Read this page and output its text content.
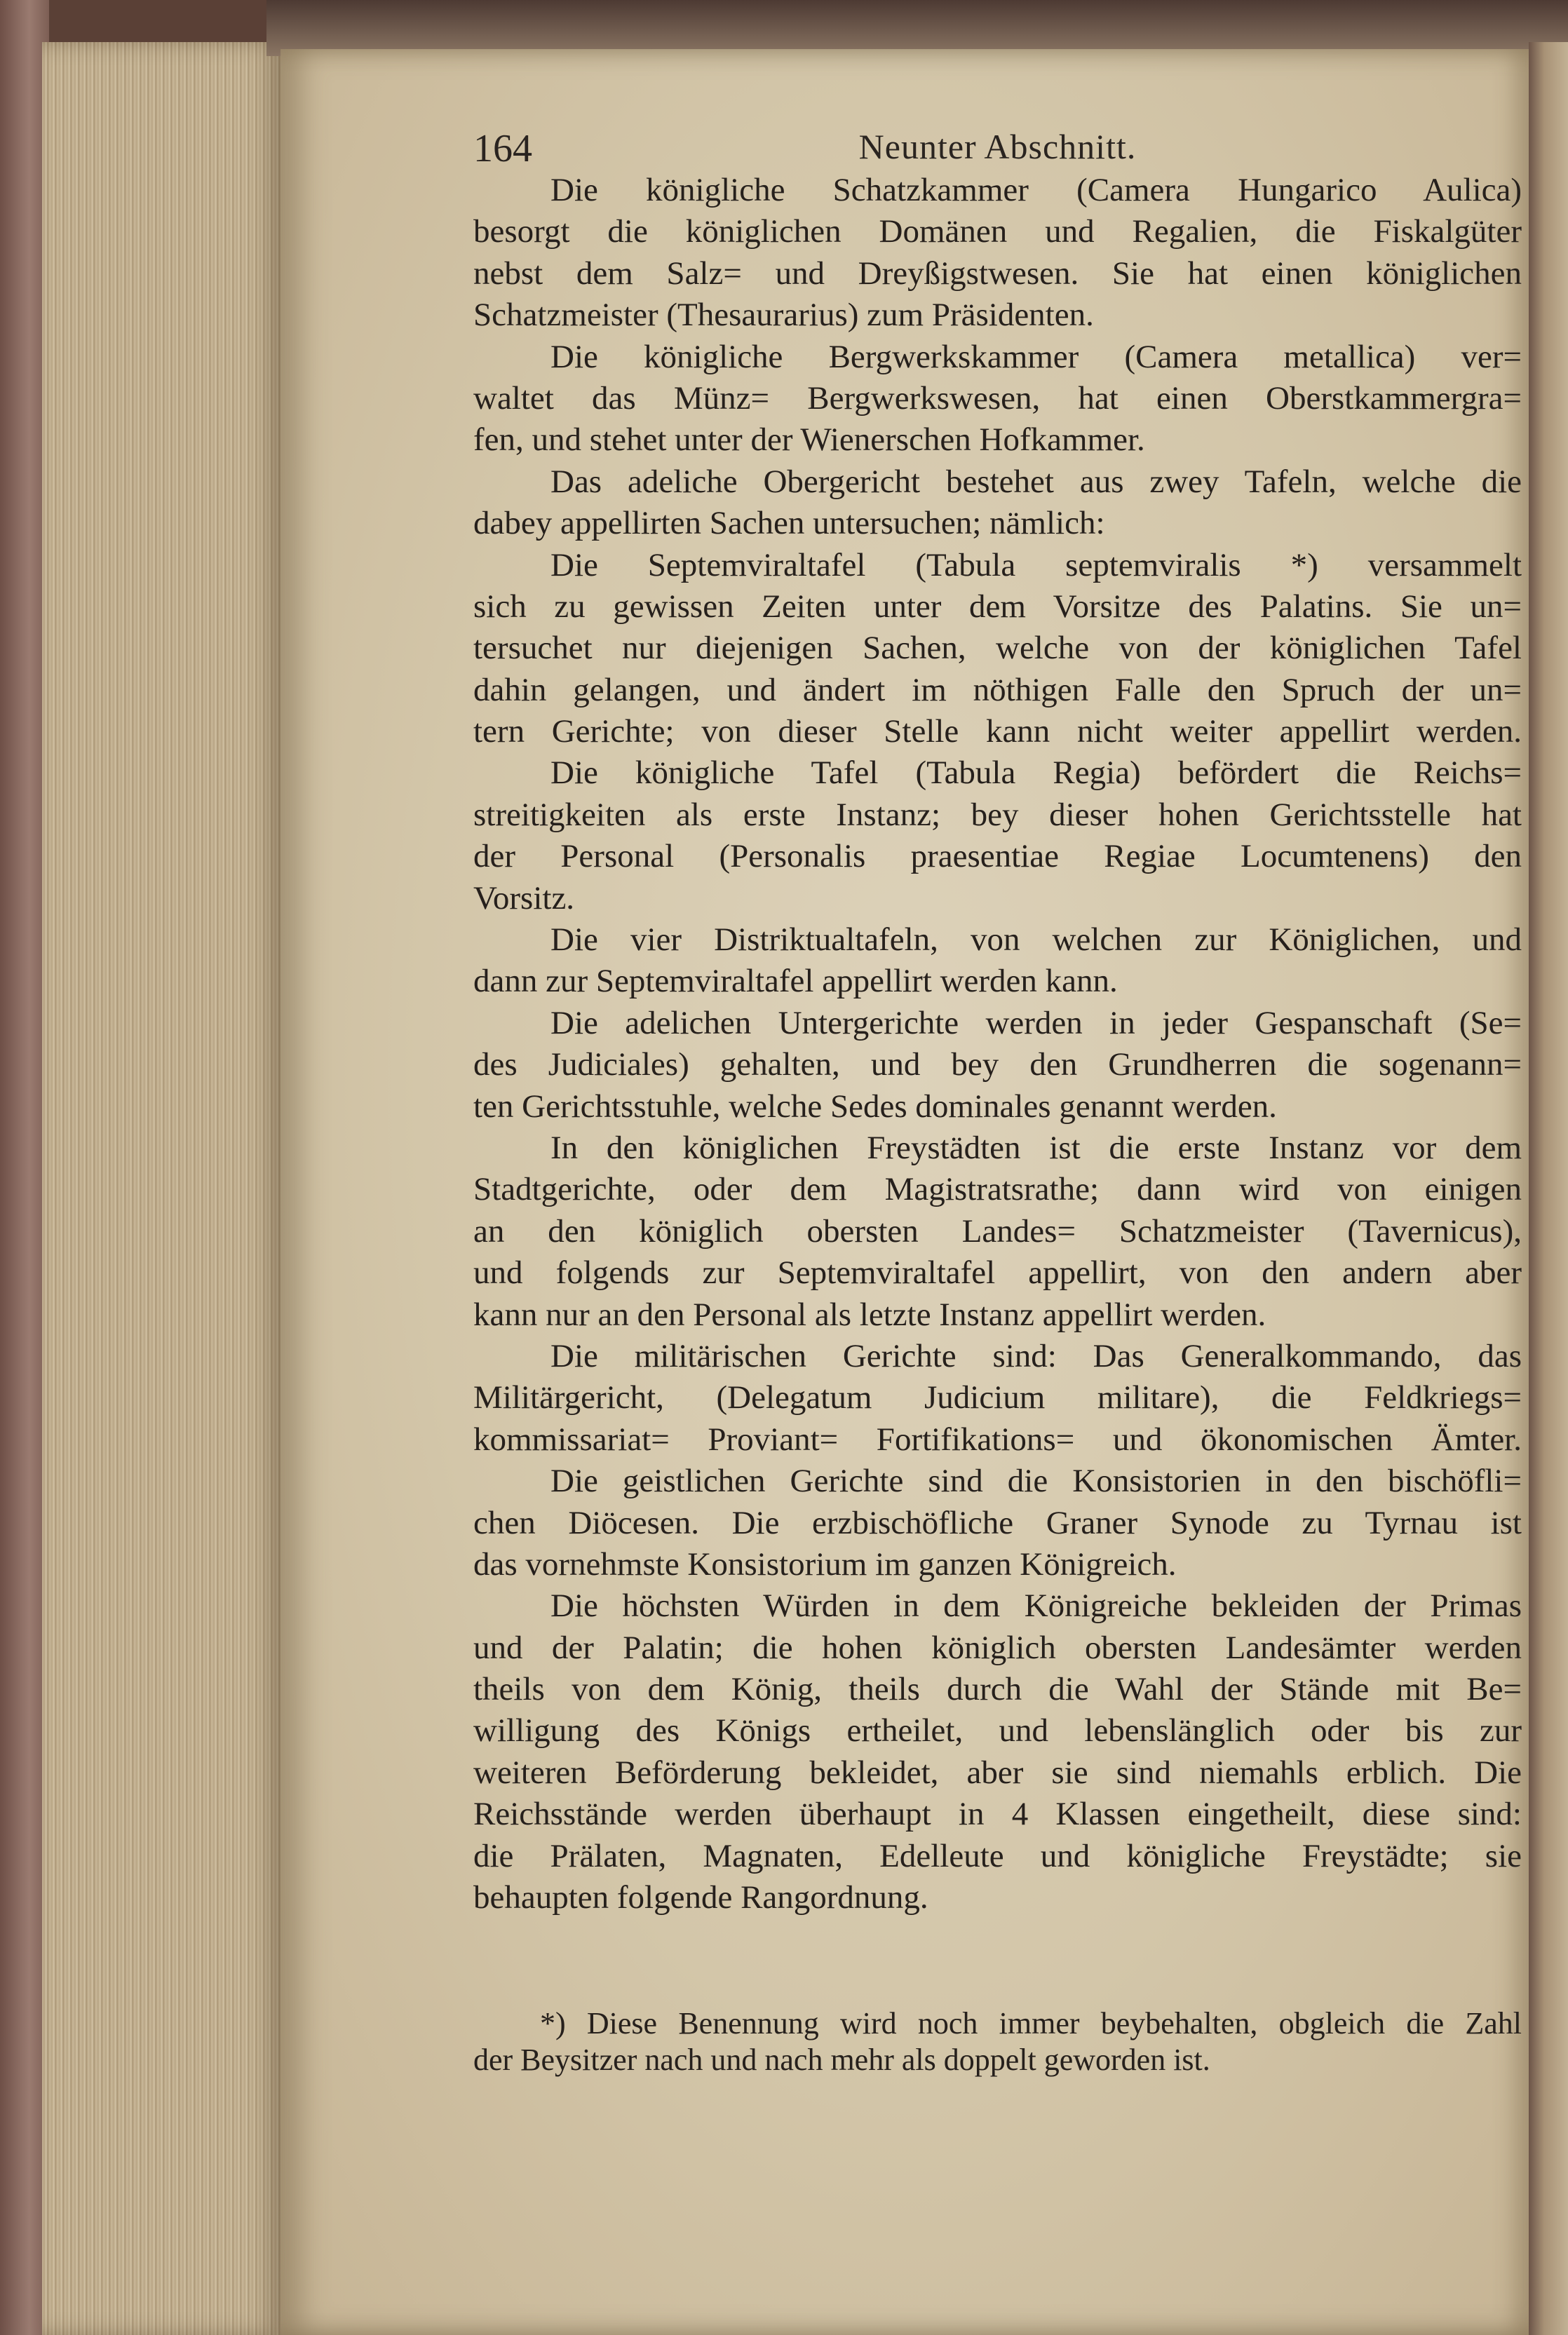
164	Neunter Abschnitt.
Die königliche Schatzkammer (Camera Hungarico Aulica)
besorgt die königlichen Domänen und Regalien, die Fiskalgüter
nebst dem Salz= und Dreyßigstwesen. Sie hat einen königlichen
Schatzmeister (Thesaurarius) zum Präsidenten.
Die königliche Bergwerkskammer (Camera metallica) ver=
waltet das Münz= Bergwerkswesen, hat einen Oberstkammergra=
fen, und stehet unter der Wienerschen Hofkammer.
Das adeliche Obergericht bestehet aus zwey Tafeln, welche die
dabey appellirten Sachen untersuchen; nämlich:
Die Septemviraltafel (Tabula septemviralis *) versammelt
sich zu gewissen Zeiten unter dem Vorsitze des Palatins. Sie un=
tersuchet nur diejenigen Sachen, welche von der königlichen Tafel
dahin gelangen, und ändert im nöthigen Falle den Spruch der un=
tern Gerichte; von dieser Stelle kann nicht weiter appellirt werden.
Die königliche Tafel (Tabula Regia) befördert die Reichs=
streitigkeiten als erste Instanz; bey dieser hohen Gerichtsstelle hat
der Personal (Personalis praesentiae Regiae Locumtenens) den
Vorsitz.
Die vier Distriktualtafeln, von welchen zur Königlichen, und
dann zur Septemviraltafel appellirt werden kann.
Die adelichen Untergerichte werden in jeder Gespanschaft (Se=
des Judiciales) gehalten, und bey den Grundherren die sogenann=
ten Gerichtsstuhle, welche Sedes dominales genannt werden.
In den königlichen Freystädten ist die erste Instanz vor dem
Stadtgerichte, oder dem Magistratsrathe; dann wird von einigen
an den königlich obersten Landes= Schatzmeister (Tavernicus),
und folgends zur Septemviraltafel appellirt, von den andern aber
kann nur an den Personal als letzte Instanz appellirt werden.
Die militärischen Gerichte sind: Das Generalkommando, das
Militärgericht, (Delegatum Judicium militare), die Feldkriegs=
kommissariat= Proviant= Fortifikations= und ökonomischen Ämter.
Die geistlichen Gerichte sind die Konsistorien in den bischöfli=
chen Diöcesen. Die erzbischöfliche Graner Synode zu Tyrnau ist
das vornehmste Konsistorium im ganzen Königreich.
Die höchsten Würden in dem Königreiche bekleiden der Primas
und der Palatin; die hohen königlich obersten Landesämter werden
theils von dem König, theils durch die Wahl der Stände mit Be=
willigung des Königs ertheilet, und lebenslänglich oder bis zur
weiteren Beförderung bekleidet, aber sie sind niemahls erblich. Die
Reichsstände werden überhaupt in 4 Klassen eingetheilt, diese sind:
die Prälaten, Magnaten, Edelleute und königliche Freystädte; sie
behaupten folgende Rangordnung.
*) Diese Benennung wird noch immer beybehalten, obgleich die Zahl
der Beysitzer nach und nach mehr als doppelt geworden ist.
